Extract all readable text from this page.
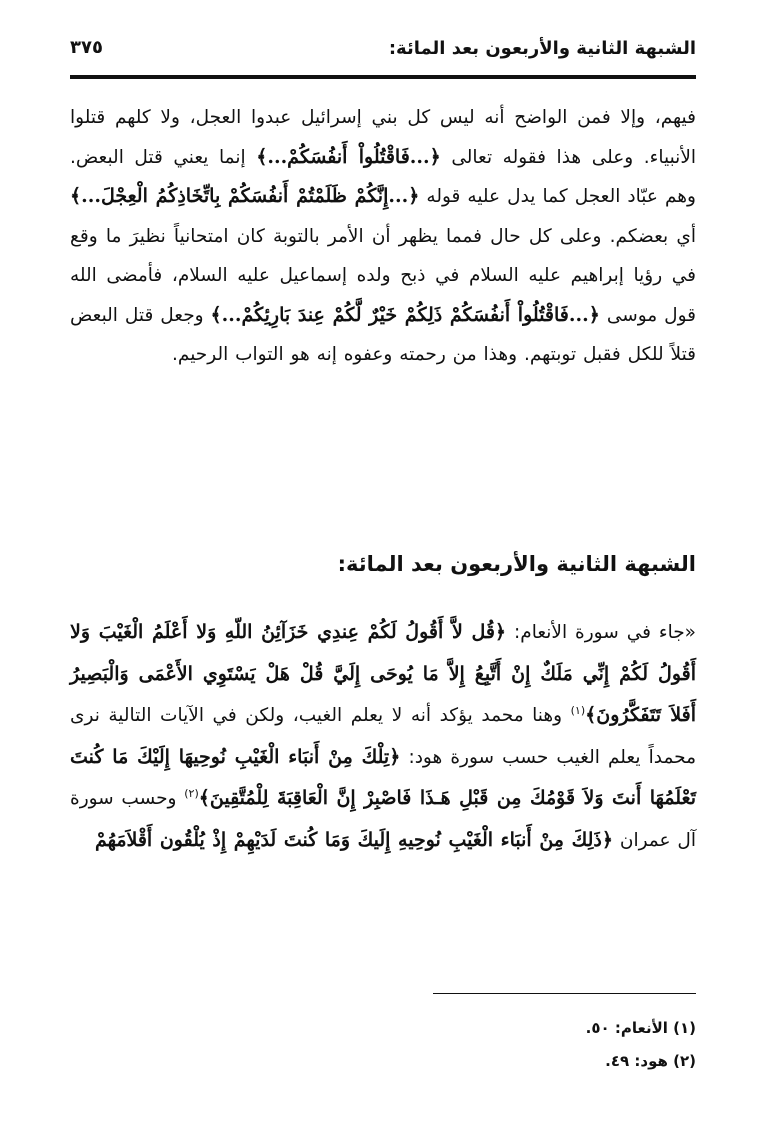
الشبهة الثانية والأربعون بعد المائة:
٣٧٥

فيهم، وإلا فمن الواضح أنه ليس كل بني إسرائيل عبدوا العجل، ولا كلهم قتلوا الأنبياء. وعلى هذا فقوله تعالى ﴿...فَاقْتُلُواْ أَنفُسَكُمْ...﴾ إنما يعني قتل البعض. وهم عبّاد العجل كما يدل عليه قوله ﴿...إِنَّكُمْ ظَلَمْتُمْ أَنفُسَكُمْ بِاتِّخَاذِكُمُ الْعِجْلَ...﴾ أي بعضكم. وعلى كل حال فمما يظهر أن الأمر بالتوبة كان امتحانياً نظيرَ ما وقع في رؤيا إبراهيم عليه السلام في ذبح ولده إسماعيل عليه السلام، فأمضى الله قول موسى ﴿...فَاقْتُلُواْ أَنفُسَكُمْ ذَلِكُمْ خَيْرٌ لَّكُمْ عِندَ بَارِئِكُمْ...﴾ وجعل قتل البعض قتلاً للكل فقبل توبتهم. وهذا من رحمته وعفوه إنه هو التواب الرحيم.

الشبهة الثانية والأربعون بعد المائة:

«جاء في سورة الأنعام: ﴿قُل لاَّ أَقُولُ لَكُمْ عِندِي خَزَآئِنُ اللّهِ وَلا أَعْلَمُ الْغَيْبَ وَلا أَقُولُ لَكُمْ إِنِّي مَلَكٌ إِنْ أَتَّبِعُ إِلاَّ مَا يُوحَى إِلَيَّ قُلْ هَلْ يَسْتَوِي الأَعْمَى وَالْبَصِيرُ أَفَلاَ تَتَفَكَّرُونَ﴾$^{(١)}$ وهنا محمد يؤكد أنه لا يعلم الغيب، ولكن في الآيات التالية نرى محمداً يعلم الغيب حسب سورة هود: ﴿تِلْكَ مِنْ أَنبَاء الْغَيْبِ نُوحِيهَا إِلَيْكَ مَا كُنتَ تَعْلَمُهَا أَنتَ وَلاَ قَوْمُكَ مِن قَبْلِ هَـذَا فَاصْبِرْ إِنَّ الْعَاقِبَةَ لِلْمُتَّقِينَ﴾$^{(٢)}$ وحسب سورة آل عمران ﴿ذَلِكَ مِنْ أَنبَاء الْغَيْبِ نُوحِيهِ إِلَيكَ وَمَا كُنتَ لَدَيْهِمْ إِذْ يُلْقُون أَقْلاَمَهُمْ

(١) الأنعام: ٥٠.
(٢) هود: ٤٩.
